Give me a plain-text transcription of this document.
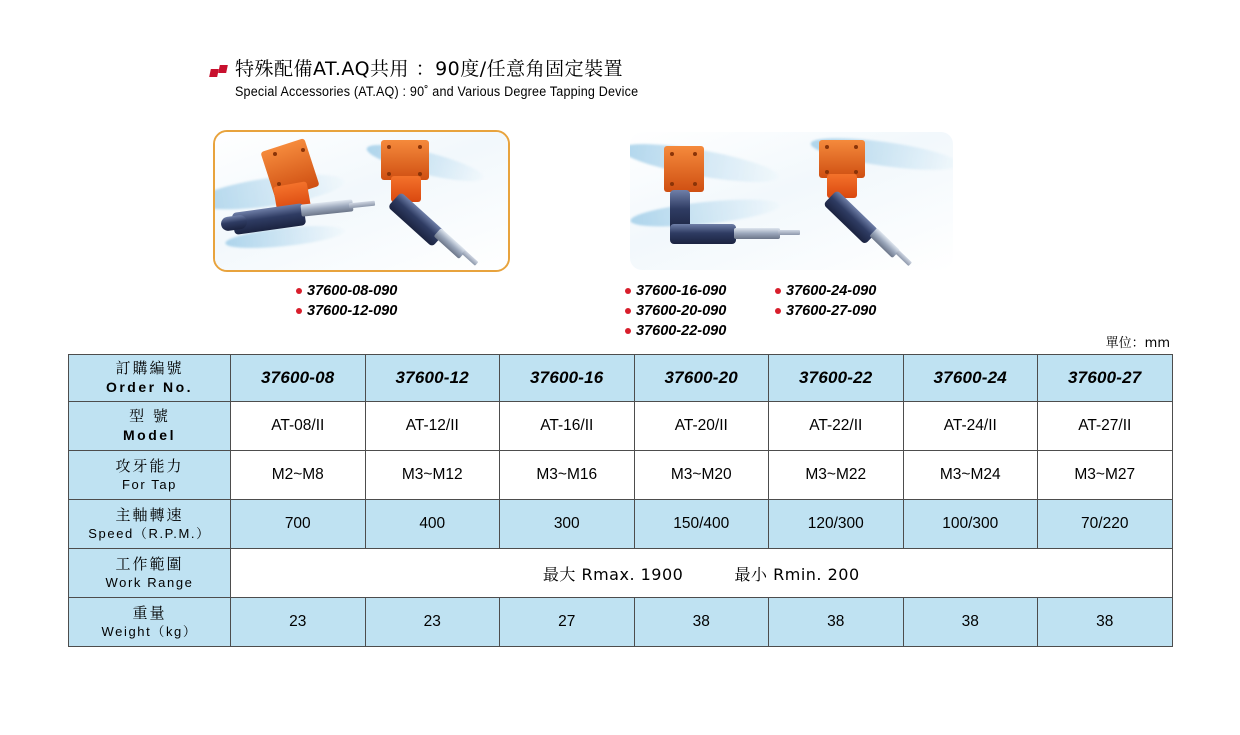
特殊配備AT.AQ共用 ：90度/任意角固定裝置
Special Accessories (AT.AQ) : 90˚ and Various Degree Tapping Device
37600-08-090
37600-12-090
37600-16-090
37600-20-090
37600-22-090
37600-24-090
37600-27-090
單位：mm
訂購編號
Order No.	37600-08	37600-12	37600-16	37600-20	37600-22	37600-24	37600-27

型 號
Model	AT-08/II	AT-12/II	AT-16/II	AT-20/II	AT-22/II	AT-24/II	AT-27/II

攻牙能力
For Tap	M2~M8	M3~M12	M3~M16	M3~M20	M3~M22	M3~M24	M3~M27

主軸轉速
Speed（R.P.M.）	700	400	300	150/400	120/300	100/300	70/220

工作範圍
Work Range	最大 Rmax. 1900 最小 Rmin. 200						

重量
Weight（kg）	23	23	27	38	38	38	38
